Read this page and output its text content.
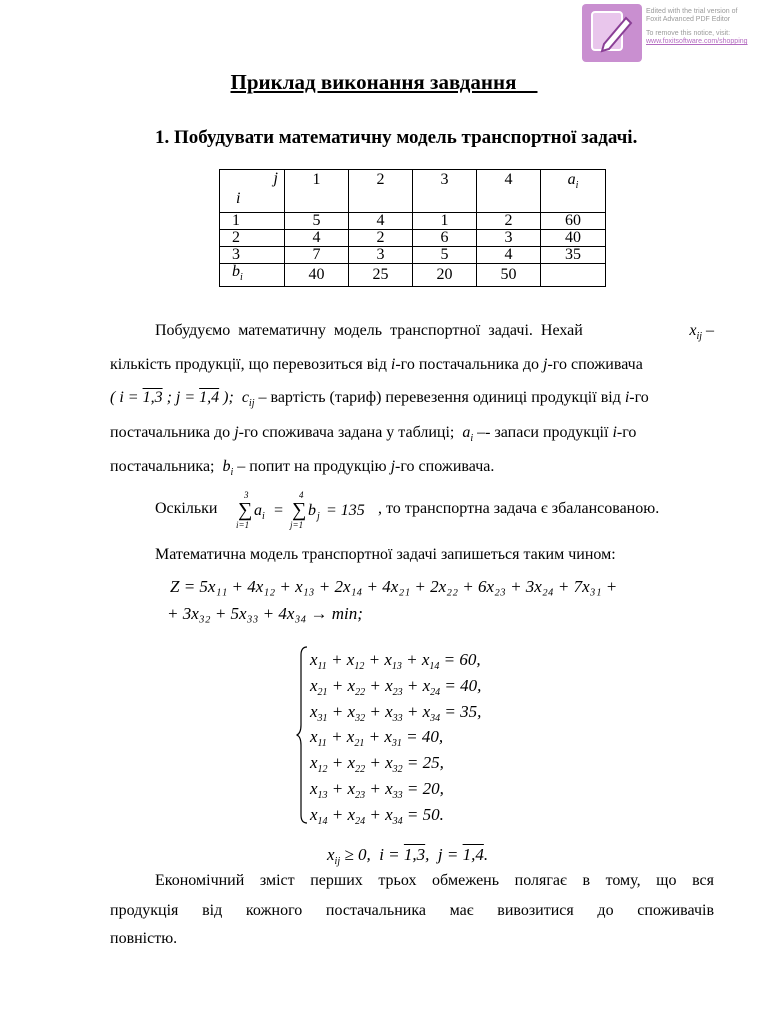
Edited with the trial version of
Foxit Advanced PDF Editor
To remove this notice, visit:
www.foxitsoftware.com/shopping
Приклад виконання завдання
1. Побудувати математичну модель транспортної задачі.
j
i	1	2	3	4	$a_i$
1	5	4	1	2	60
2	4	2	6	3	40
3	7	3	5	4	35
$b_i$	40	25	20	50	
Побудуємо математичну модель транспортної задачі. Нехай	$x_{ij}$ –
кількість продукції, що перевозиться від i-го постачальника до j-го споживача
( i = 1,3 ; j = 1,4 ); $c_{ij}$ – вартість (тариф) перевезення одиниці продукції від i-го
постачальника до j-го споживача задана у таблиці; $a_i$ –- запаси продукції i-го
постачальника; $b_i$ – попит на продукцію j-го споживача.
Оскільки
3
∑
i=1
a i =
4
∑
j=1
b j = 135 , то транспортна задача є збалансованою.
Математична модель транспортної задачі запишеться таким чином:
Z = 5x₁₁ + 4x₁₂ + x₁₃ + 2x₁₄ + 4x₂₁ + 2x₂₂ + 6x₂₃ + 3x₂₄ + 7x₃₁ +
+ 3x₃₂ + 5x₃₃ + 4x₃₄ → min;
$x_{11} + x_{12} + x_{13} + x_{14} = 60$,
$x_{21} + x_{22} + x_{23} + x_{24} = 40$,
$x_{31} + x_{32} + x_{33} + x_{34} = 35$,
$x_{11} + x_{21} + x_{31} = 40$,
$x_{12} + x_{22} + x_{32} = 25$,
$x_{13} + x_{23} + x_{33} = 20$,
$x_{14} + x_{24} + x_{34} = 50$.
$x_{ij} \ge 0$,  i = 1,3,  j = 1,4.
Економічний зміст перших трьох обмежень полягає в тому, що вся
продукція від кожного постачальника має вивозитися до споживачів
повністю.
